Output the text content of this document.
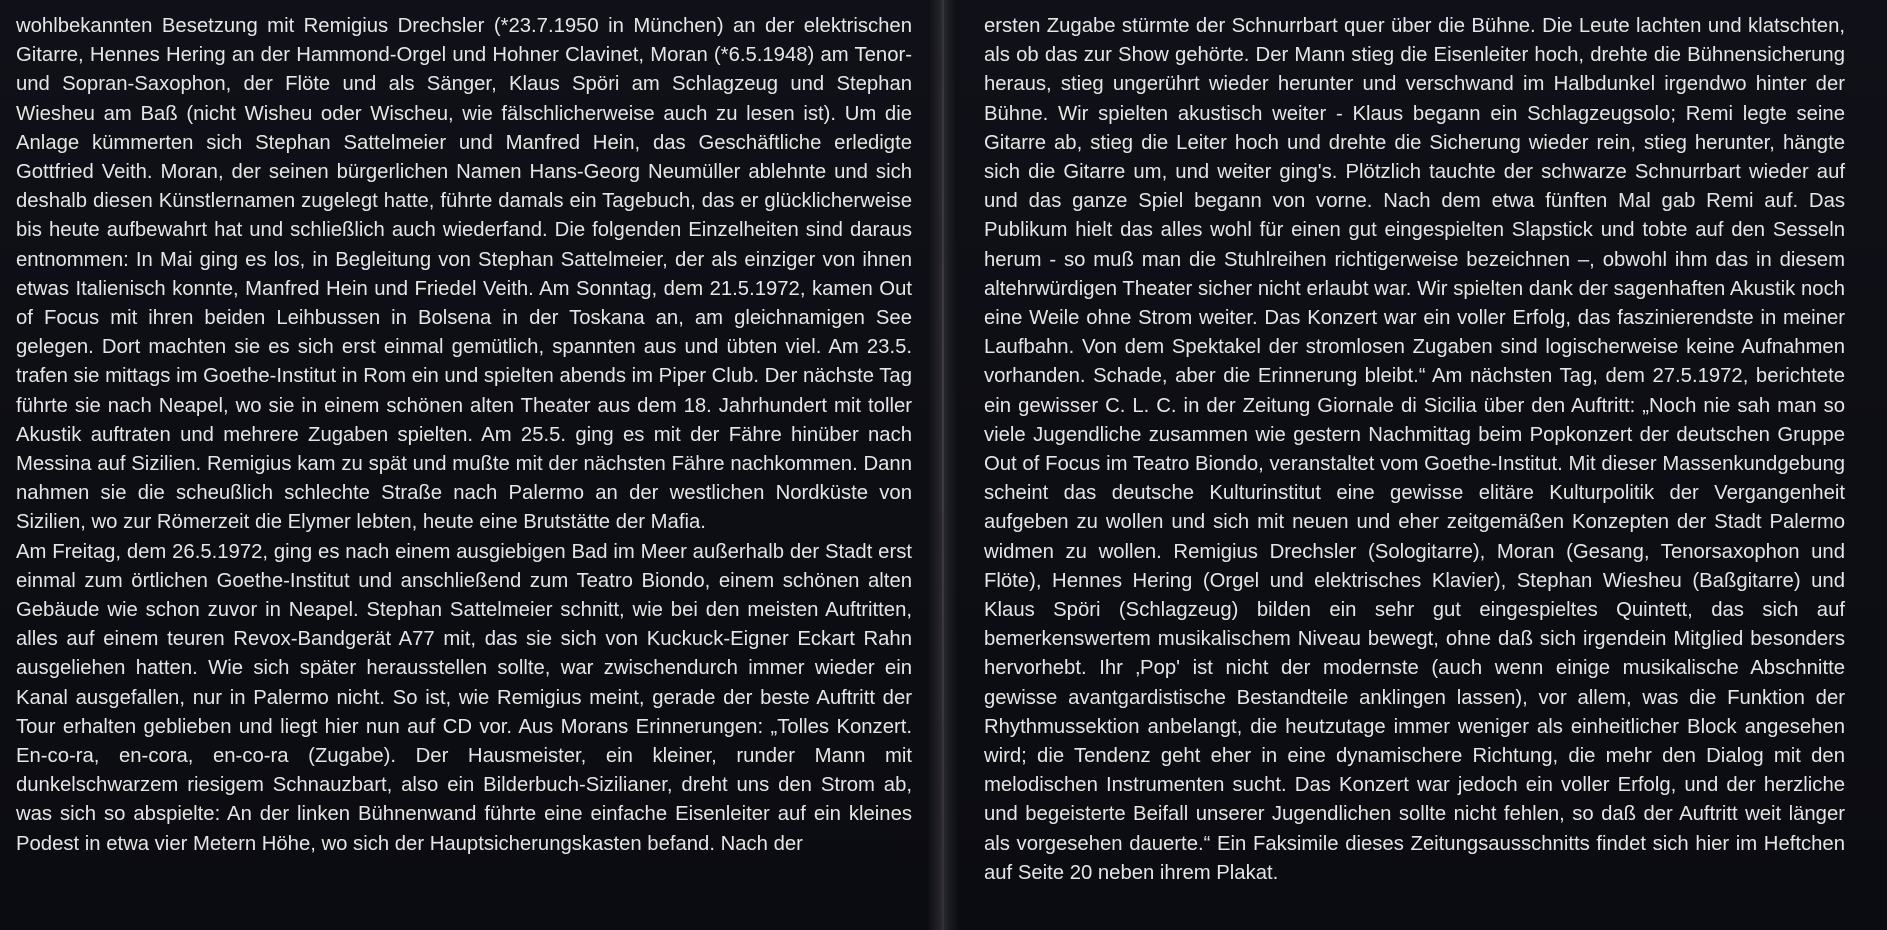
wohlbekannten Besetzung mit Remigius Drechsler (*23.7.1950 in München) an der elektrischen Gitarre, Hennes Hering an der Hammond-Orgel und Hohner Clavinet, Moran (*6.5.1948) am Tenor- und Sopran-Saxophon, der Flöte und als Sänger, Klaus Spöri am Schlagzeug und Stephan Wiesheu am Baß (nicht Wisheu oder Wischeu, wie fälschlicherweise auch zu lesen ist). Um die Anlage kümmerten sich Stephan Sattelmeier und Manfred Hein, das Geschäftliche erledigte Gottfried Veith. Moran, der seinen bürgerlichen Namen Hans-Georg Neumüller ablehnte und sich deshalb diesen Künstlernamen zugelegt hatte, führte damals ein Tagebuch, das er glücklicherweise bis heute aufbewahrt hat und schließlich auch wiederfand. Die folgenden Einzelheiten sind daraus entnommen: In Mai ging es los, in Begleitung von Stephan Sattelmeier, der als einziger von ihnen etwas Italienisch konnte, Manfred Hein und Friedel Veith. Am Sonntag, dem 21.5.1972, kamen Out of Focus mit ihren beiden Leihbussen in Bolsena in der Toskana an, am gleichnamigen See gelegen. Dort machten sie es sich erst einmal gemütlich, spannten aus und übten viel. Am 23.5. trafen sie mittags im Goethe-Institut in Rom ein und spielten abends im Piper Club. Der nächste Tag führte sie nach Neapel, wo sie in einem schönen alten Theater aus dem 18. Jahrhundert mit toller Akustik auftraten und mehrere Zugaben spielten. Am 25.5. ging es mit der Fähre hinüber nach Messina auf Sizilien. Remigius kam zu spät und mußte mit der nächsten Fähre nachkommen. Dann nahmen sie die scheußlich schlechte Straße nach Palermo an der westlichen Nordküste von Sizilien, wo zur Römerzeit die Elymer lebten, heute eine Brutstätte der Mafia.

Am Freitag, dem 26.5.1972, ging es nach einem ausgiebigen Bad im Meer außerhalb der Stadt erst einmal zum örtlichen Goethe-Institut und anschließend zum Teatro Biondo, einem schönen alten Gebäude wie schon zuvor in Neapel. Stephan Sattelmeier schnitt, wie bei den meisten Auftritten, alles auf einem teuren Revox-Bandgerät A77 mit, das sie sich von Kuckuck-Eigner Eckart Rahn ausgeliehen hatten. Wie sich später herausstellen sollte, war zwischendurch immer wieder ein Kanal ausgefallen, nur in Palermo nicht. So ist, wie Remigius meint, gerade der beste Auftritt der Tour erhalten geblieben und liegt hier nun auf CD vor. Aus Morans Erinnerungen: „Tolles Konzert. En-co-ra, en-cora, en-co-ra (Zugabe). Der Hausmeister, ein kleiner, runder Mann mit dunkelschwarzem riesigem Schnauzbart, also ein Bilderbuch-Sizilianer, dreht uns den Strom ab, was sich so abspielte: An der linken Bühnenwand führte eine einfache Eisenleiter auf ein kleines Podest in etwa vier Metern Höhe, wo sich der Hauptsicherungskasten befand. Nach der

ersten Zugabe stürmte der Schnurrbart quer über die Bühne. Die Leute lachten und klatschten, als ob das zur Show gehörte. Der Mann stieg die Eisenleiter hoch, drehte die Bühnensicherung heraus, stieg ungerührt wieder herunter und verschwand im Halbdunkel irgendwo hinter der Bühne. Wir spielten akustisch weiter - Klaus begann ein Schlagzeugsolo; Remi legte seine Gitarre ab, stieg die Leiter hoch und drehte die Sicherung wieder rein, stieg herunter, hängte sich die Gitarre um, und weiter ging's. Plötzlich tauchte der schwarze Schnurrbart wieder auf und das ganze Spiel begann von vorne. Nach dem etwa fünften Mal gab Remi auf. Das Publikum hielt das alles wohl für einen gut eingespielten Slapstick und tobte auf den Sesseln herum - so muß man die Stuhlreihen richtigerweise bezeichnen –, obwohl ihm das in diesem altehrwürdigen Theater sicher nicht erlaubt war. Wir spielten dank der sagenhaften Akustik noch eine Weile ohne Strom weiter. Das Konzert war ein voller Erfolg, das faszinierendste in meiner Laufbahn. Von dem Spektakel der stromlosen Zugaben sind logischerweise keine Aufnahmen vorhanden. Schade, aber die Erinnerung bleibt.“ Am nächsten Tag, dem 27.5.1972, berichtete ein gewisser C. L. C. in der Zeitung Giornale di Sicilia über den Auftritt: „Noch nie sah man so viele Jugendliche zusammen wie gestern Nachmittag beim Popkonzert der deutschen Gruppe Out of Focus im Teatro Biondo, veranstaltet vom Goethe-Institut. Mit dieser Massenkundgebung scheint das deutsche Kulturinstitut eine gewisse elitäre Kulturpolitik der Vergangenheit aufgeben zu wollen und sich mit neuen und eher zeitgemäßen Konzepten der Stadt Palermo widmen zu wollen. Remigius Drechsler (Sologitarre), Moran (Gesang, Tenorsaxophon und Flöte), Hennes Hering (Orgel und elektrisches Klavier), Stephan Wiesheu (Baßgitarre) und Klaus Spöri (Schlagzeug) bilden ein sehr gut eingespieltes Quintett, das sich auf bemerkenswertem musikalischem Niveau bewegt, ohne daß sich irgendein Mitglied besonders hervorhebt. Ihr ‚Pop' ist nicht der modernste (auch wenn einige musikalische Abschnitte gewisse avantgardistische Bestandteile anklingen lassen), vor allem, was die Funktion der Rhythmussektion anbelangt, die heutzutage immer weniger als einheitlicher Block angesehen wird; die Tendenz geht eher in eine dynamischere Richtung, die mehr den Dialog mit den melodischen Instrumenten sucht. Das Konzert war jedoch ein voller Erfolg, und der herzliche und begeisterte Beifall unserer Jugendlichen sollte nicht fehlen, so daß der Auftritt weit länger als vorgesehen dauerte.“ Ein Faksimile dieses Zeitungsausschnitts findet sich hier im Heftchen auf Seite 20 neben ihrem Plakat.
